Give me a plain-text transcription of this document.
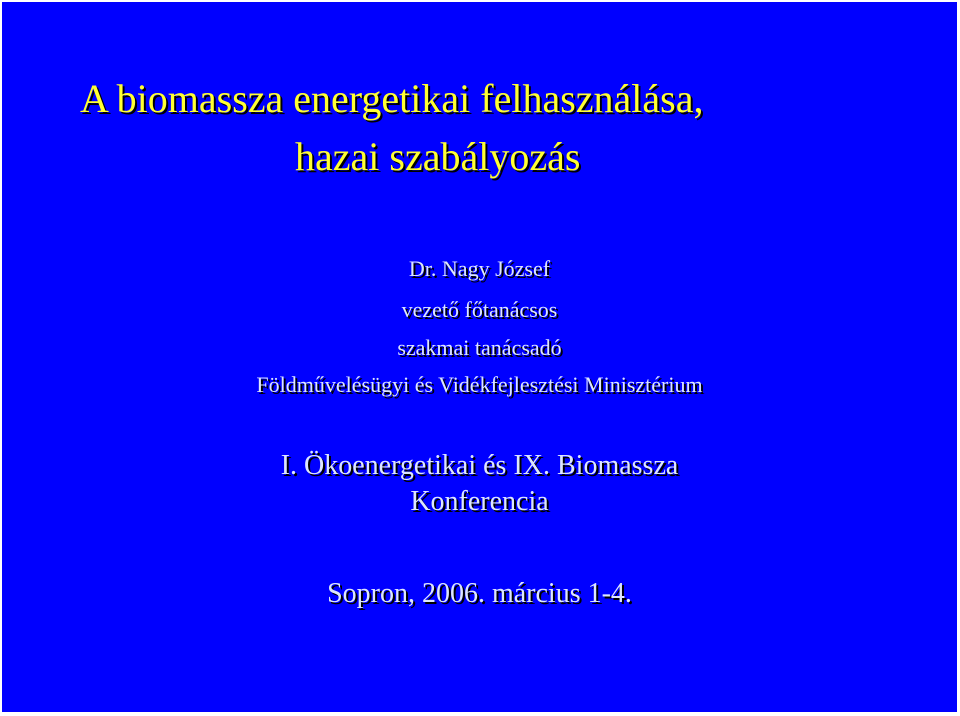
A biomassza energetikai felhasználása,
hazai szabályozás
Dr. Nagy József
vezető főtanácsos
szakmai tanácsadó
Földművelésügyi és Vidékfejlesztési Minisztérium
I. Ökoenergetikai és IX. Biomassza
Konferencia
Sopron, 2006. március 1-4.
